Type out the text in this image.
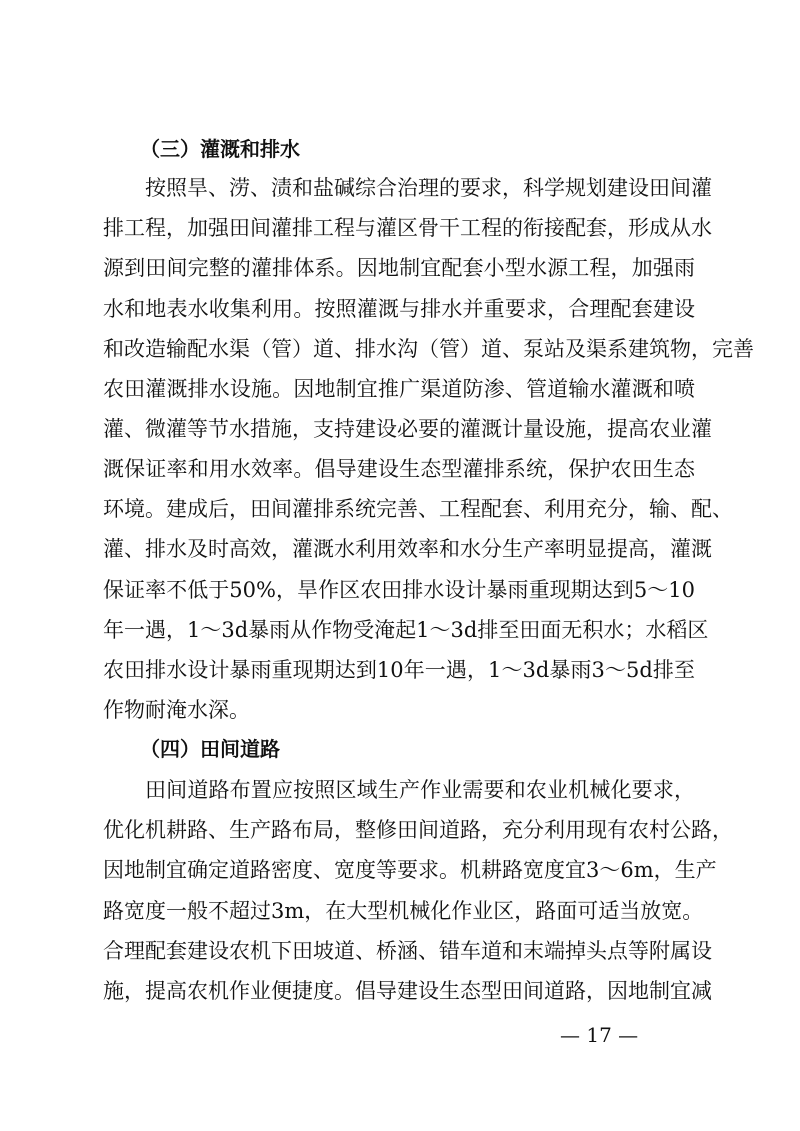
（三）灌溉和排水
按照旱、涝、渍和盐碱综合治理的要求，科学规划建设田间灌
排工程，加强田间灌排工程与灌区骨干工程的衔接配套，形成从水
源到田间完整的灌排体系。因地制宜配套小型水源工程，加强雨
水和地表水收集利用。按照灌溉与排水并重要求，合理配套建设
和改造输配水渠（管）道、排水沟（管）道、泵站及渠系建筑物，完善
农田灌溉排水设施。因地制宜推广渠道防渗、管道输水灌溉和喷
灌、微灌等节水措施，支持建设必要的灌溉计量设施，提高农业灌
溉保证率和用水效率。倡导建设生态型灌排系统，保护农田生态
环境。建成后，田间灌排系统完善、工程配套、利用充分，输、配、
灌、排水及时高效，灌溉水利用效率和水分生产率明显提高，灌溉
保证率不低于50%，旱作区农田排水设计暴雨重现期达到5～10
年一遇，1～3d暴雨从作物受淹起1～3d排至田面无积水；水稻区
农田排水设计暴雨重现期达到10年一遇，1～3d暴雨3～5d排至
作物耐淹水深。
（四）田间道路
田间道路布置应按照区域生产作业需要和农业机械化要求，
优化机耕路、生产路布局，整修田间道路，充分利用现有农村公路，
因地制宜确定道路密度、宽度等要求。机耕路宽度宜3～6m，生产
路宽度一般不超过3m，在大型机械化作业区，路面可适当放宽。
合理配套建设农机下田坡道、桥涵、错车道和末端掉头点等附属设
施，提高农机作业便捷度。倡导建设生态型田间道路，因地制宜减
— 17 —
